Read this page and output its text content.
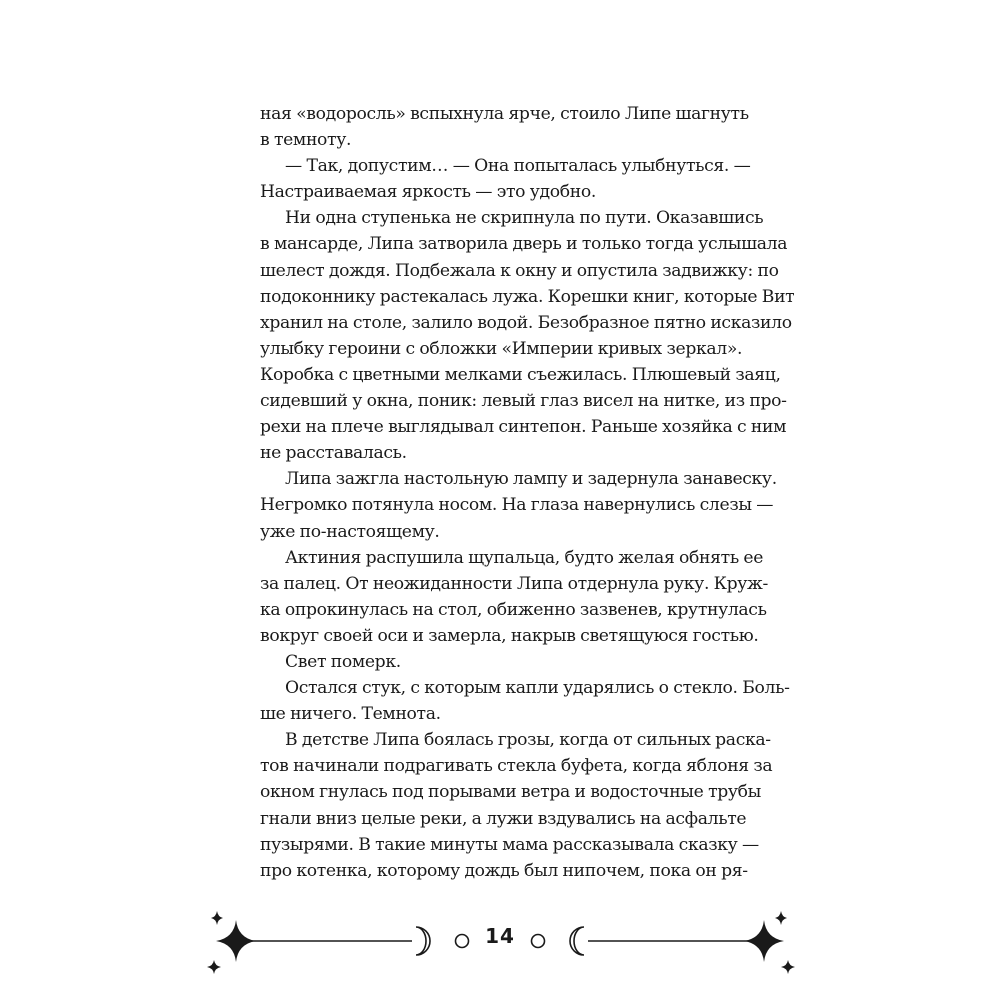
ная «водоросль» вспыхнула ярче, стоило Липе шагнуть
в темноту.
— Так, допустим… — Она попыталась улыбнуться. —
Настраиваемая яркость — это удобно.
Ни одна ступенька не скрипнула по пути. Оказавшись
в мансарде, Липа затворила дверь и только тогда услышала
шелест дождя. Подбежала к окну и опустила задвижку: по
подоконнику растекалась лужа. Корешки книг, которые Вит
хранил на столе, залило водой. Безобразное пятно исказило
улыбку героини с обложки «Империи кривых зеркал».
Коробка с цветными мелками съежилась. Плюшевый заяц,
сидевший у окна, поник: левый глаз висел на нитке, из про-
рехи на плече выглядывал синтепон. Раньше хозяйка с ним
не расставалась.
Липа зажгла настольную лампу и задернула занавеску.
Негромко потянула носом. На глаза навернулись слезы —
уже по-настоящему.
Актиния распушила щупальца, будто желая обнять ее
за палец. От неожиданности Липа отдернула руку. Круж-
ка опрокинулась на стол, обиженно зазвенев, крутнулась
вокруг своей оси и замерла, накрыв светящуюся гостью.
Свет померк.
Остался стук, с которым капли ударялись о стекло. Боль-
ше ничего. Темнота.
В детстве Липа боялась грозы, когда от сильных раска-
тов начинали подрагивать стекла буфета, когда яблоня за
окном гнулась под порывами ветра и водосточные трубы
гнали вниз целые реки, а лужи вздувались на асфальте
пузырями. В такие минуты мама рассказывала сказку —
про котенка, которому дождь был нипочем, пока он ря-
14
